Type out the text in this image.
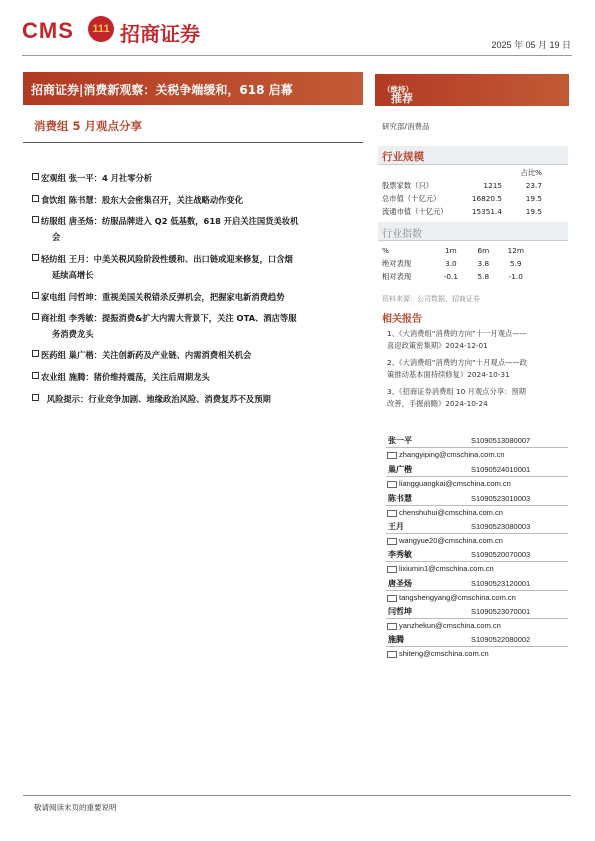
CMS	111 招商证券	2025 年 05 月 19 日
招商证券|消费新观察：关税争端缓和，618 启幕
消费组 5 月观点分享
宏观组 张一平：4 月社零分析
食饮组 陈书慧：股东大会密集召开，关注战略动作变化
纺服组 唐圣炀：纺服品牌进入 Q2 低基数，618 开启关注国货美妆机
会
轻纺组 王月：中美关税风险阶段性缓和、出口链或迎来修复，口含烟
延续高增长
家电组 闫哲坤：重视美国关税错杀反弹机会，把握家电新消费趋势
商社组 李秀敏：提振消费&扩大内需大背景下，关注 OTA、酒店等服
务消费龙头
医药组 巢广楷：关注创新药及产业链、内需消费相关机会
农业组 施腾：猪价维持震荡，关注后周期龙头
风险提示：行业竞争加剧、地缘政治风险、消费复苏不及预期
推荐
（维持）
研究部/消费品
行业规模
		占比%
股票家数（只）	1215	23.7
总市值（十亿元）	16820.5	19.5
流通市值（十亿元）	15351.4	19.5
行业指数
%	1m	6m	12m
绝对表现	3.0	3.8	5.9
相对表现	-0.1	5.8	-1.0
资料来源：公司数据、招商证券
相关报告
1、《大消费组“消费的方向”十一月观点——
喜迎政策密集期》2024-12-01
2、《大消费组“消费的方向”十月观点——政
策推动基本面持续修复》2024-10-31
3、《招商证券消费组 10 月观点分享：预期
改善，手握前瞻》2024-10-24
张一平	S1090513080007
zhangyiping@cmschina.com.cn
巢广楷	S1090524010001
liangguangkai@cmschina.com.cn
陈书慧	S1090523010003
chenshuhui@cmschina.com.cn
王月	S1090523080003
wangyue20@cmschina.com.cn
李秀敏	S1090520070003
lixiumin1@cmschina.com.cn
唐圣炀	S1090523120001
tangshengyang@cmschina.com.cn
闫哲坤	S1090523070001
yanzhekun@cmschina.com.cn
施腾	S1090522080002
shiteng@cmschina.com.cn
敬请阅读末页的重要说明
